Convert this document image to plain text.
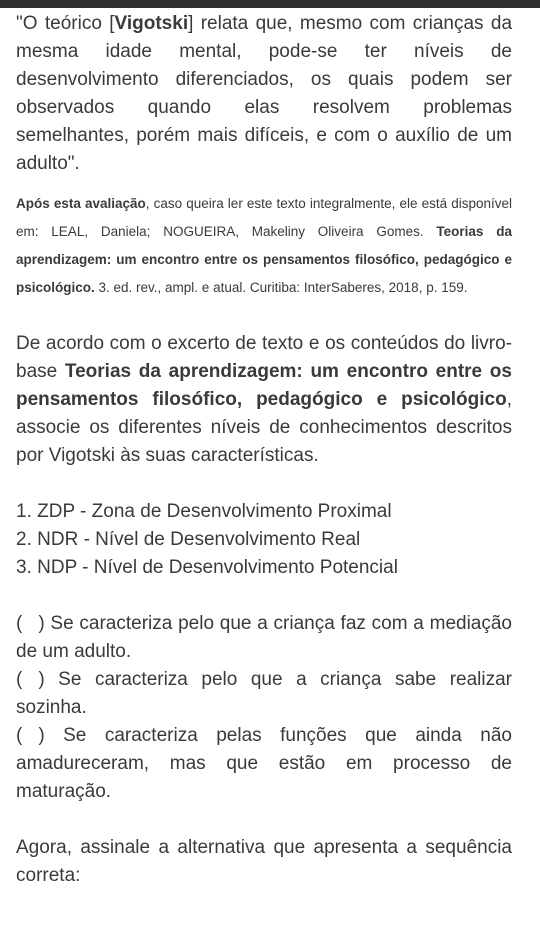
"O teórico [Vigotski] relata que, mesmo com crianças da mesma idade mental, pode-se ter níveis de desenvolvimento diferenciados, os quais podem ser observados quando elas resolvem problemas semelhantes, porém mais difíceis, e com o auxílio de um adulto".

Após esta avaliação, caso queira ler este texto integralmente, ele está disponível em: LEAL, Daniela; NOGUEIRA, Makeliny Oliveira Gomes. Teorias da aprendizagem: um encontro entre os pensamentos filosófico, pedagógico e psicológico. 3. ed. rev., ampl. e atual. Curitiba: InterSaberes, 2018, p. 159.

De acordo com o excerto de texto e os conteúdos do livro-base Teorias da aprendizagem: um encontro entre os pensamentos filosófico, pedagógico e psicológico, associe os diferentes níveis de conhecimentos descritos por Vigotski às suas características.

1. ZDP - Zona de Desenvolvimento Proximal

2. NDR - Nível de Desenvolvimento Real

3. NDP - Nível de Desenvolvimento Potencial

( ) Se caracteriza pelo que a criança faz com a mediação de um adulto.

( ) Se caracteriza pelo que a criança sabe realizar sozinha.

( ) Se caracteriza pelas funções que ainda não amadureceram, mas que estão em processo de maturação.

Agora, assinale a alternativa que apresenta a sequência correta:
